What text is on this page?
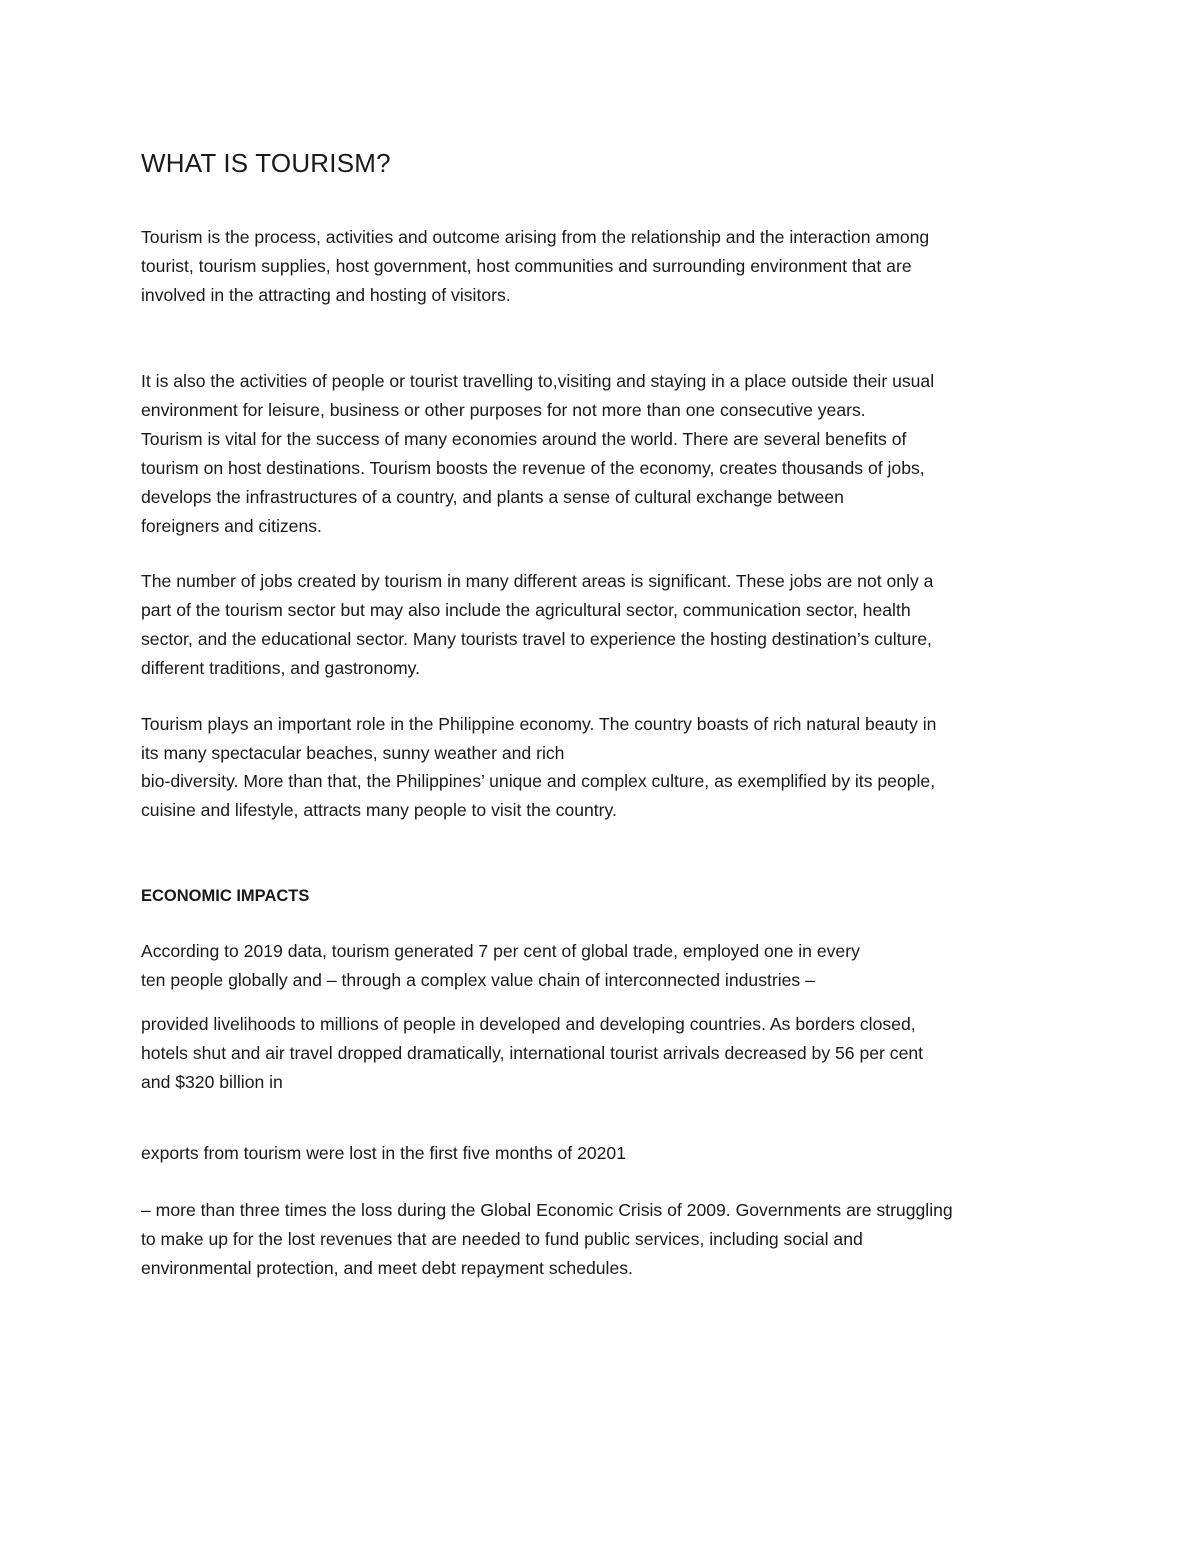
WHAT IS TOURISM?

Tourism is the process, activities and outcome arising from the relationship and the interaction among

tourist, tourism supplies, host government, host communities and surrounding environment that are

involved in the attracting and hosting of visitors.

It is also the activities of people or tourist travelling to,visiting and staying in a place outside their usual

environment for leisure, business or other purposes for not more than one consecutive years.

Tourism is vital for the success of many economies around the world. There are several benefits of

tourism on host destinations. Tourism boosts the revenue of the economy, creates thousands of jobs,

develops the infrastructures of a country, and plants a sense of cultural exchange between

foreigners and citizens.

The number of jobs created by tourism in many different areas is significant. These jobs are not only a

part of the tourism sector but may also include the agricultural sector, communication sector, health

sector, and the educational sector. Many tourists travel to experience the hosting destination’s culture,

different traditions, and gastronomy.

Tourism plays an important role in the Philippine economy. The country boasts of rich natural beauty in

its many spectacular beaches, sunny weather and rich

bio-diversity. More than that, the Philippines’ unique and complex culture, as exemplified by its people,

cuisine and lifestyle, attracts many people to visit the country.

ECONOMIC IMPACTS

According to 2019 data, tourism generated 7 per cent of global trade, employed one in every

ten people globally and – through a complex value chain of interconnected industries –

provided livelihoods to millions of people in developed and developing countries. As borders closed,

hotels shut and air travel dropped dramatically, international tourist arrivals decreased by 56 per cent

and $320 billion in

exports from tourism were lost in the first five months of 20201

– more than three times the loss during the Global Economic Crisis of 2009. Governments are struggling

to make up for the lost revenues that are needed to fund public services, including social and

environmental protection, and meet debt repayment schedules.
